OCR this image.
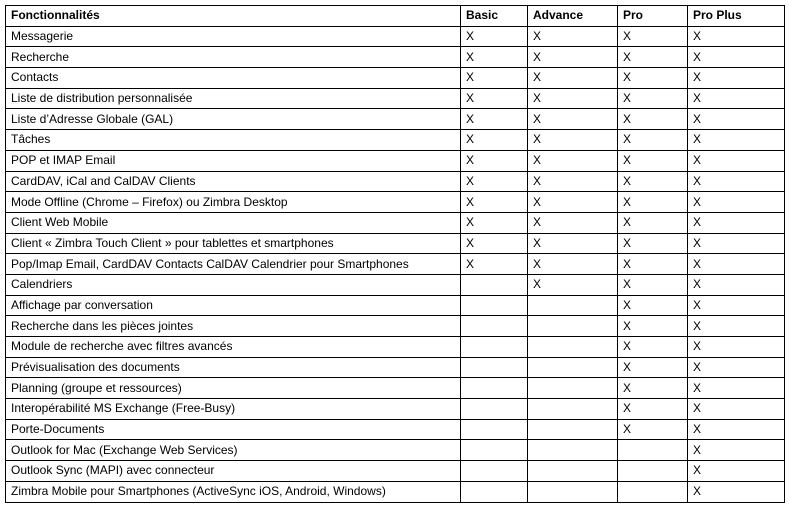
Fonctionnalités	Basic	Advance	Pro	Pro Plus
Messagerie	X	X	X	X
Recherche	X	X	X	X
Contacts	X	X	X	X
Liste de distribution personnalisée	X	X	X	X
Liste d’Adresse Globale (GAL)	X	X	X	X
Tâches	X	X	X	X
POP et IMAP Email	X	X	X	X
CardDAV, iCal and CalDAV Clients	X	X	X	X
Mode Offline (Chrome – Firefox) ou Zimbra Desktop	X	X	X	X
Client Web Mobile	X	X	X	X
Client « Zimbra Touch Client » pour tablettes et smartphones	X	X	X	X
Pop/Imap Email, CardDAV Contacts CalDAV Calendrier pour Smartphones	X	X	X	X
Calendriers		X	X	X
Affichage par conversation			X	X
Recherche dans les pièces jointes			X	X
Module de recherche avec filtres avancés			X	X
Prévisualisation des documents			X	X
Planning (groupe et ressources)			X	X
Interopérabilité MS Exchange (Free-Busy)			X	X
Porte-Documents			X	X
Outlook for Mac (Exchange Web Services)				X
Outlook Sync (MAPI) avec connecteur				X
Zimbra Mobile pour Smartphones (ActiveSync iOS, Android, Windows)				X
